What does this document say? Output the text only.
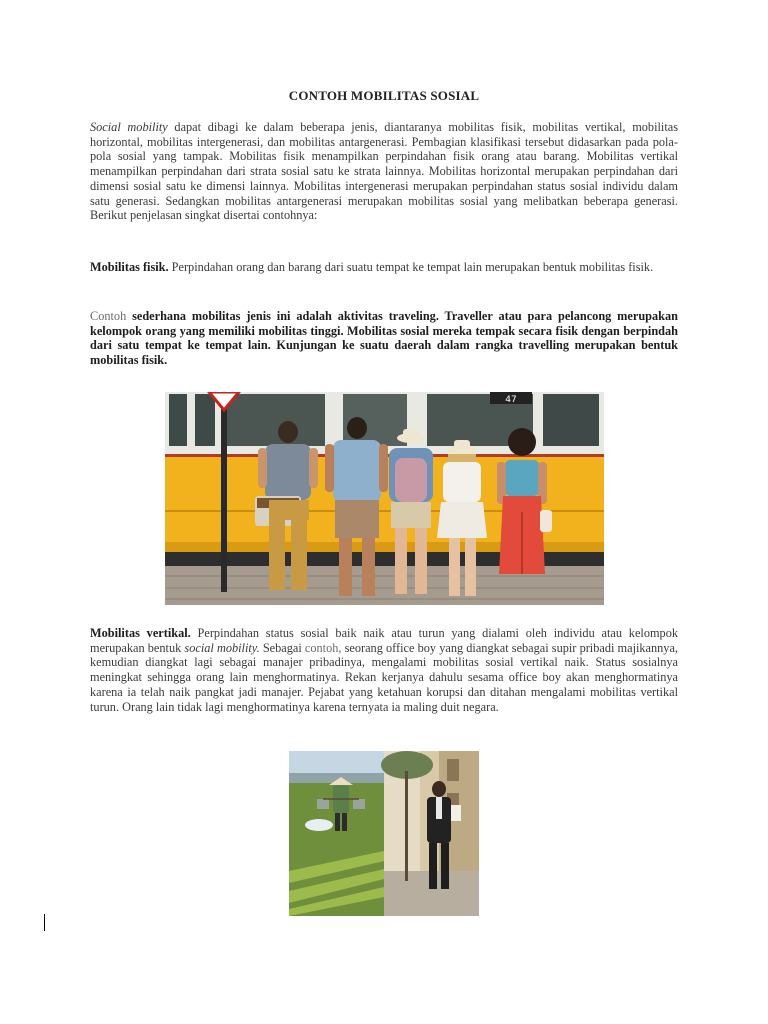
CONTOH MOBILITAS SOSIAL

Social mobility dapat dibagi ke dalam beberapa jenis, diantaranya mobilitas fisik, mobilitas vertikal, mobilitas horizontal, mobilitas intergenerasi, dan mobilitas antargenerasi. Pembagian klasifikasi tersebut didasarkan pada pola-pola sosial yang tampak. Mobilitas fisik menampilkan perpindahan fisik orang atau barang. Mobilitas vertikal menampilkan perpindahan dari strata sosial satu ke strata lainnya. Mobilitas horizontal merupakan perpindahan dari dimensi sosial satu ke dimensi lainnya. Mobilitas intergenerasi merupakan perpindahan status sosial individu dalam satu generasi. Sedangkan mobilitas antargenerasi merupakan mobilitas sosial yang melibatkan beberapa generasi. Berikut penjelasan singkat disertai contohnya:

Mobilitas fisik. Perpindahan orang dan barang dari suatu tempat ke tempat lain merupakan bentuk mobilitas fisik.

Contoh sederhana mobilitas jenis ini adalah aktivitas traveling. Traveller atau para pelancong merupakan kelompok orang yang memiliki mobilitas tinggi. Mobilitas sosial mereka tempak secara fisik dengan berpindah dari satu tempat ke tempat lain. Kunjungan ke suatu daerah dalam rangka travelling merupakan bentuk mobilitas fisik.

47

Mobilitas vertikal. Perpindahan status sosial baik naik atau turun yang dialami oleh individu atau kelompok merupakan bentuk social mobility. Sebagai contoh, seorang office boy yang diangkat sebagai supir pribadi majikannya, kemudian diangkat lagi sebagai manajer pribadinya, mengalami mobilitas sosial vertikal naik. Status sosialnya meningkat sehingga orang lain menghormatinya. Rekan kerjanya dahulu sesama office boy akan menghormatinya karena ia telah naik pangkat jadi manajer. Pejabat yang ketahuan korupsi dan ditahan mengalami mobilitas vertikal turun. Orang lain tidak lagi menghormatinya karena ternyata ia maling duit negara.
